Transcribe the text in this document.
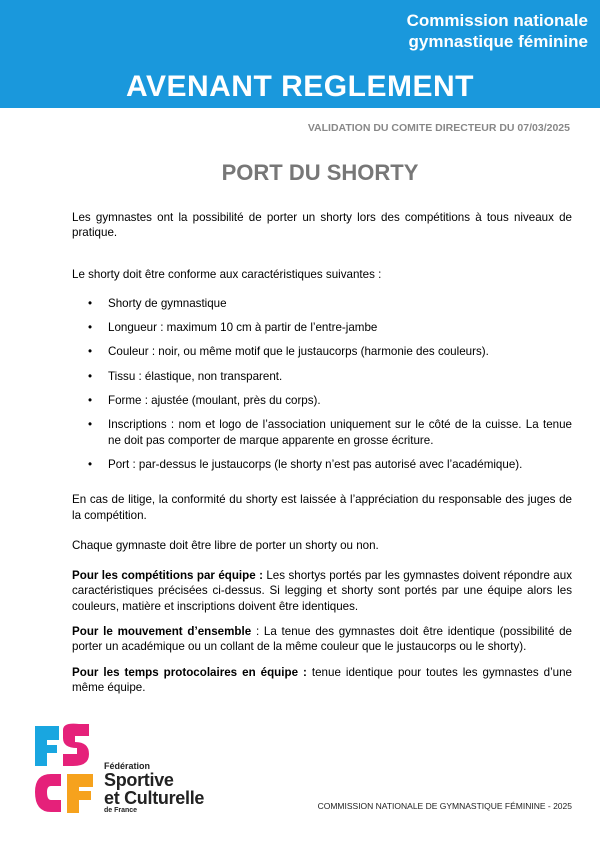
Commission nationale
gymnastique féminine
AVENANT REGLEMENT
VALIDATION DU COMITE DIRECTEUR DU 07/03/2025
PORT DU SHORTY

Les gymnastes ont la possibilité de porter un shorty lors des compétitions à tous niveaux de pratique.

Le shorty doit être conforme aux caractéristiques suivantes :

• Shorty de gymnastique
• Longueur : maximum 10 cm à partir de l’entre-jambe
• Couleur : noir, ou même motif que le justaucorps (harmonie des couleurs).
• Tissu : élastique, non transparent.
• Forme : ajustée (moulant, près du corps).
• Inscriptions : nom et logo de l’association uniquement sur le côté de la cuisse. La tenue ne doit pas comporter de marque apparente en grosse écriture.
• Port : par-dessus le justaucorps (le shorty n’est pas autorisé avec l’académique).

En cas de litige, la conformité du shorty est laissée à l’appréciation du responsable des juges de la compétition.

Chaque gymnaste doit être libre de porter un shorty ou non.

Pour les compétitions par équipe : Les shortys portés par les gymnastes doivent répondre aux caractéristiques précisées ci-dessus. Si legging et shorty sont portés par une équipe alors les couleurs, matière et inscriptions doivent être identiques.

Pour le mouvement d’ensemble : La tenue des gymnastes doit être identique (possibilité de porter un académique ou un collant de la même couleur que le justaucorps ou le shorty).

Pour les temps protocolaires en équipe : tenue identique pour toutes les gymnastes d’une même équipe.

Fédération
Sportive
et Culturelle
de France	COMMISSION NATIONALE DE GYMNASTIQUE FÉMININE - 2025
